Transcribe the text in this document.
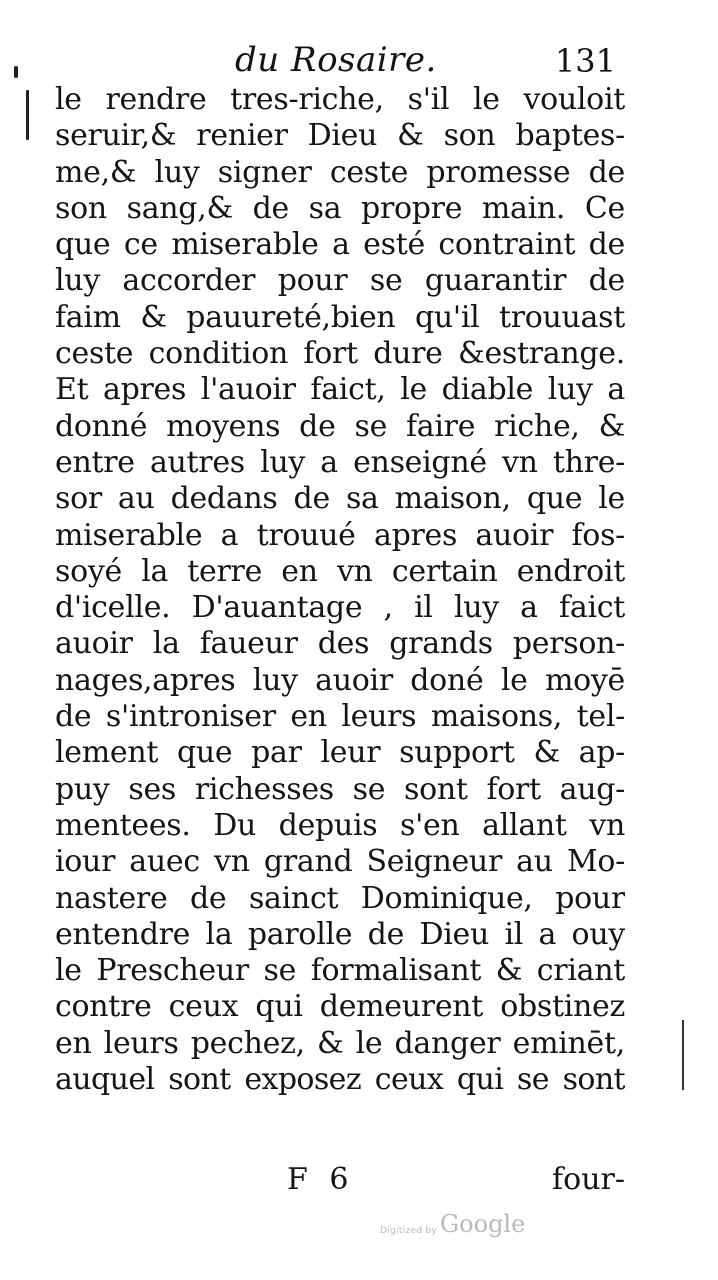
du Rosaire.	131
le rendre tres-riche, s'il le vouloit
seruir,& renier Dieu & son baptes-
me,& luy signer ceste promesse de
son sang,& de sa propre main. Ce
que ce miserable a esté contraint de
luy accorder pour se guarantir de
faim & pauureté,bien qu'il trouuast
ceste condition fort dure &estrange.
Et apres l'auoir faict, le diable luy a
donné moyens de se faire riche, &
entre autres luy a enseigné vn thre-
sor au dedans de sa maison, que le
miserable a trouué apres auoir fos-
soyé la terre en vn certain endroit
d'icelle. D'auantage , il luy a faict
auoir la faueur des grands person-
nages,apres luy auoir doné le moyē
de s'introniser en leurs maisons, tel-
lement que par leur support & ap-
puy ses richesses se sont fort aug-
mentees. Du depuis s'en allant vn
iour auec vn grand Seigneur au Mo-
nastere de sainct Dominique, pour
entendre la parolle de Dieu il a ouy
le Prescheur se formalisant & criant
contre ceux qui demeurent obstinez
en leurs pechez, & le danger eminēt,
auquel sont exposez ceux qui se sont
F 6	four-
Digitized by Google
